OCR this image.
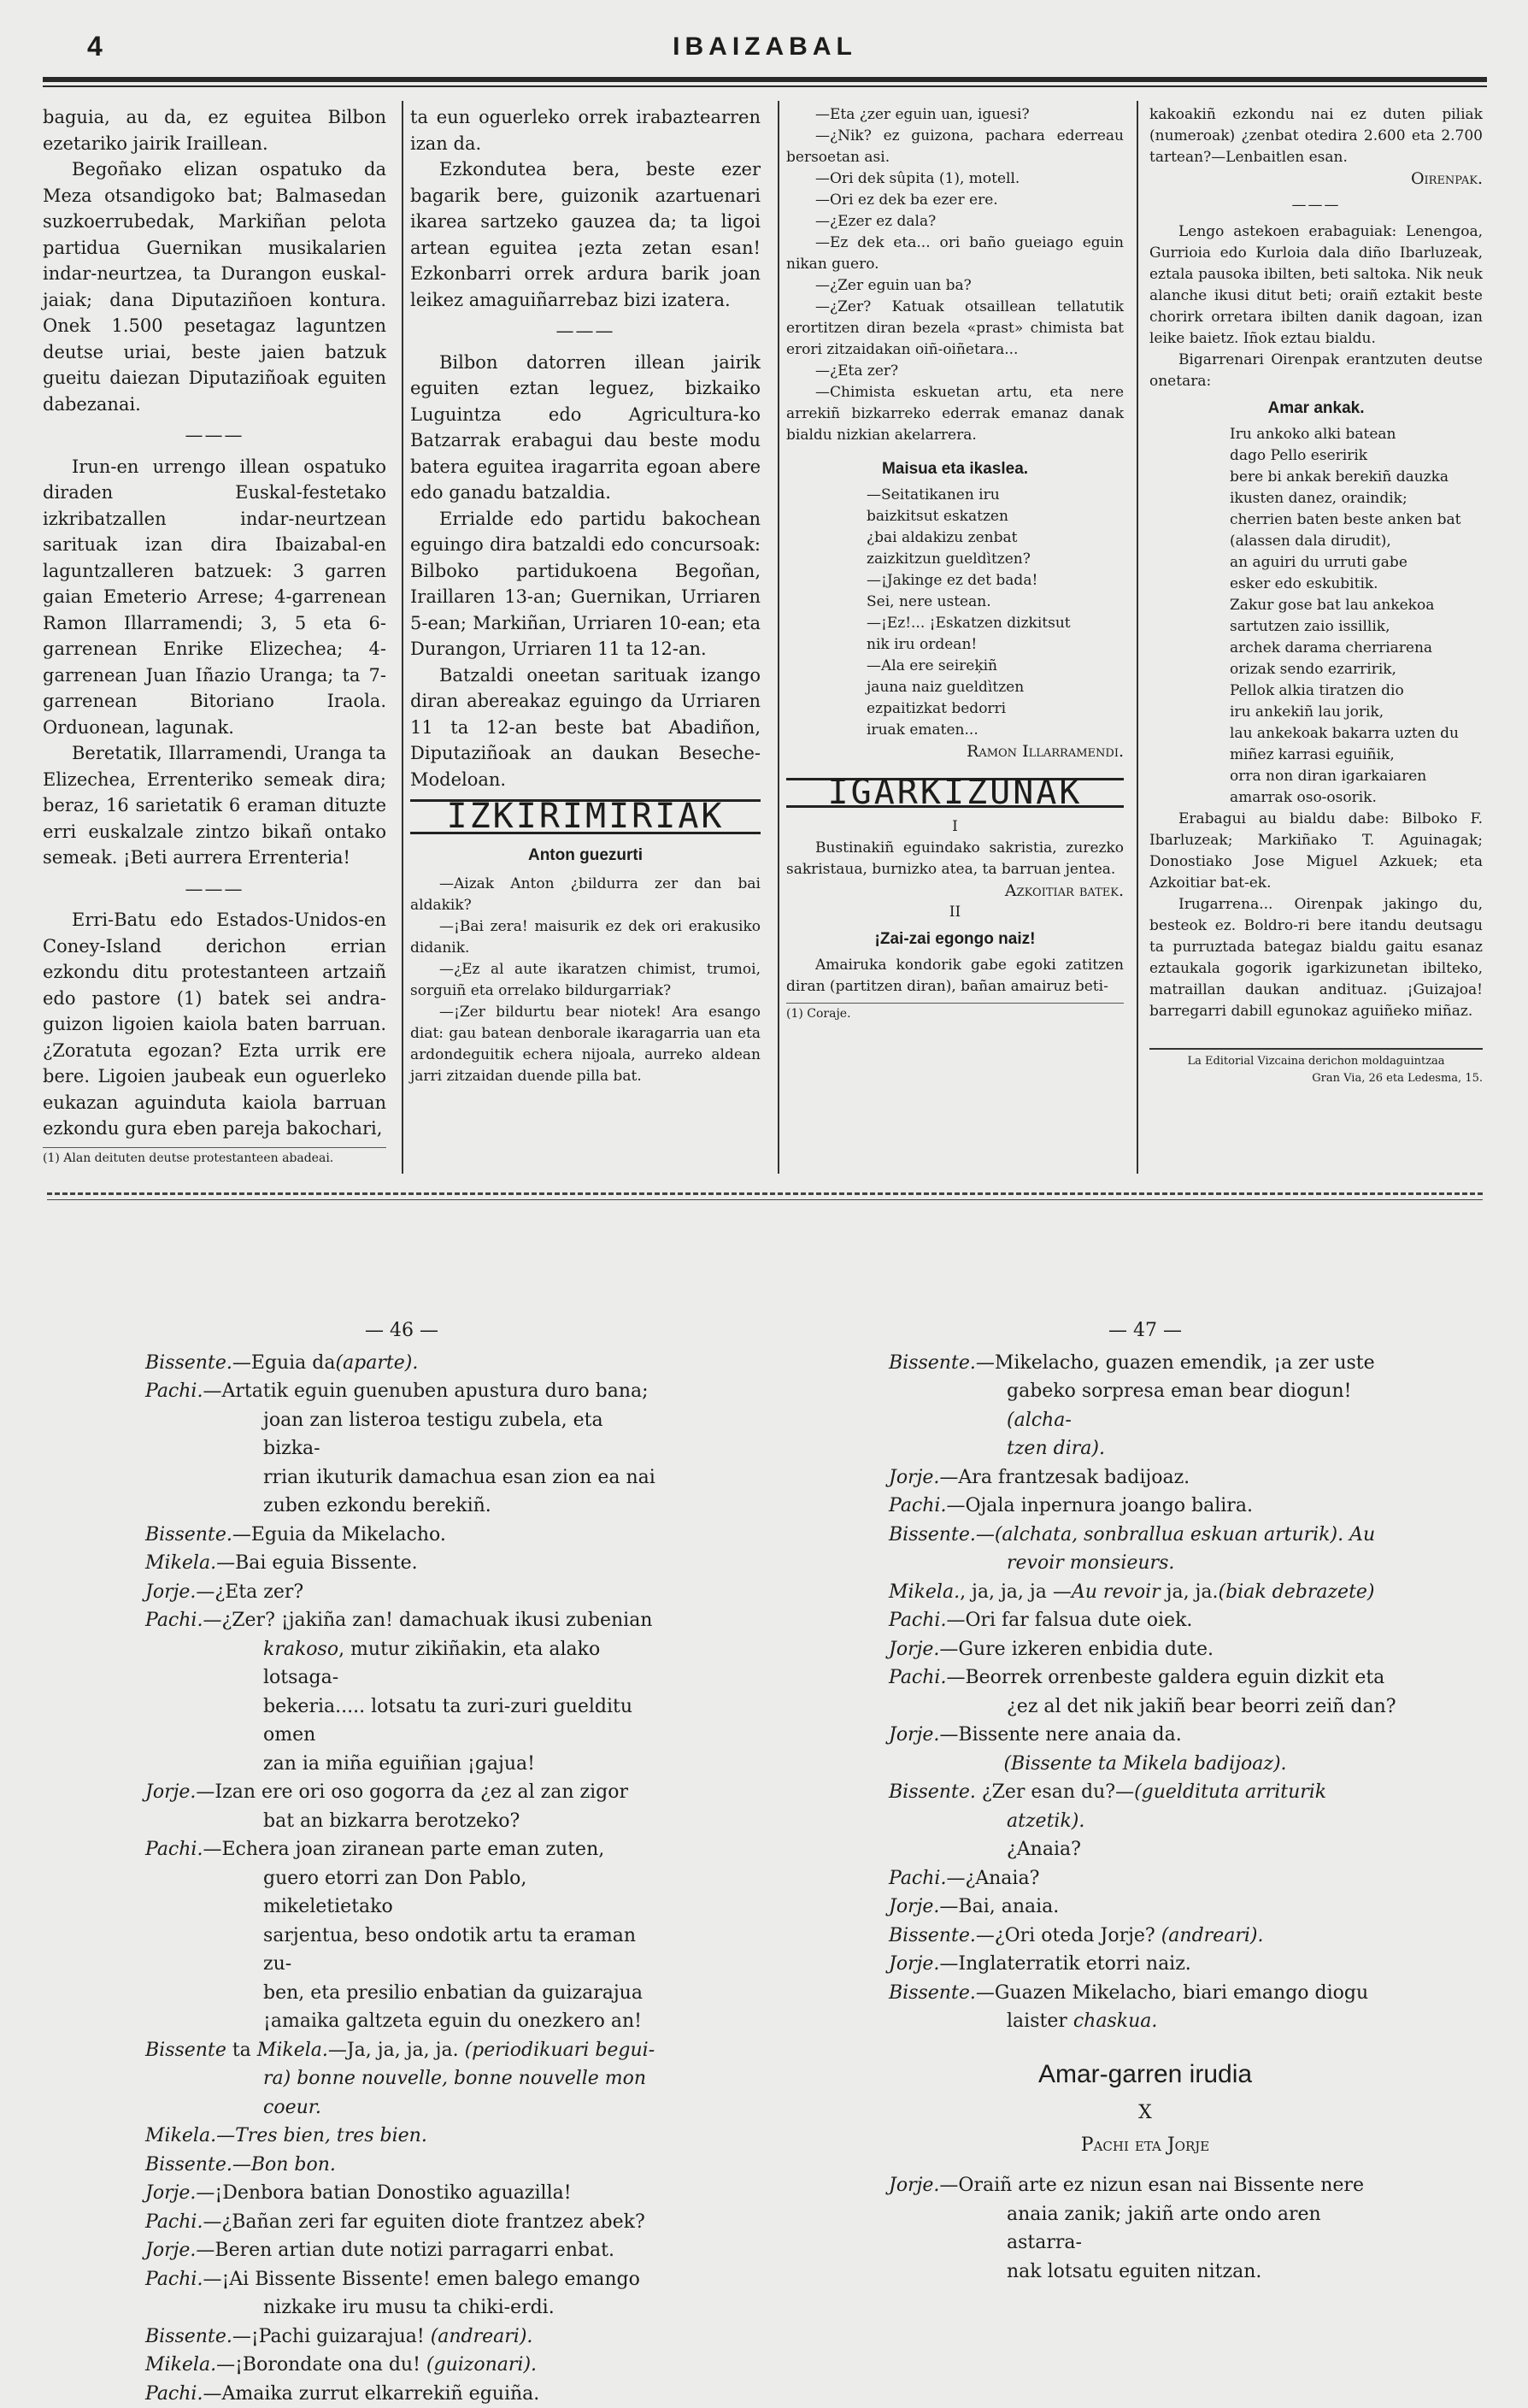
4	IBAIZABAL

baguia, au da, ez eguitea Bilbon ezetariko jairik Iraillean.

Begoñako elizan ospatuko da Meza otsandigoko bat; Balmasedan suzkoerrubedak, Markiñan pelota partidua Guernikan musikalarien indar-neurtzea, ta Durangon euskal-jaiak; dana Diputaziñoen kontura. Onek 1.500 pesetagaz laguntzen deutse uriai, beste jaien batzuk gueitu daiezan Diputaziñoak eguiten dabezanai.

———

Irun-en urrengo illean ospatuko diraden Euskal-festetako izkribatzallen indar-neurtzean sarituak izan dira Ibaizabal-en laguntzalleren batzuek: 3 garren gaian Emeterio Arrese; 4-garrenean Ramon Illarramendi; 3, 5 eta 6-garrenean Enrike Elizechea; 4-garrenean Juan Iñazio Uranga; ta 7-garrenean Bitoriano Iraola. Orduonean, lagunak.

Beretatik, Illarramendi, Uranga ta Elizechea, Errenteriko semeak dira; beraz, 16 sarietatik 6 eraman dituzte erri euskalzale zintzo bikañ ontako semeak. ¡Beti aurrera Errenteria!

———

Erri-Batu edo Estados-Unidos-en Coney-Island derichon errian ezkondu ditu protestanteen artzaiñ edo pastore (1) batek sei andra-guizon ligoien kaiola baten barruan. ¿Zoratuta egozan? Ezta urrik ere bere. Ligoien jaubeak eun oguerleko eukazan aguinduta kaiola barruan ezkondu gura eben pareja bakochari,

(1) Alan deituten deutse protestanteen abadeai.

ta eun oguerleko orrek irabaztearren izan da.

Ezkondutea bera, beste ezer bagarik bere, guizonik azartuenari ikarea sartzeko gauzea da; ta ligoi artean eguitea ¡ezta zetan esan! Ezkonbarri orrek ardura barik joan leikez amaguiñarrebaz bizi izatera.

———

Bilbon datorren illean jairik eguiten eztan leguez, bizkaiko Luguintza edo Agricultura-ko Batzarrak erabagui dau beste modu batera eguitea iragarrita egoan abere edo ganadu batzaldia.

Errialde edo partidu bakochean eguingo dira batzaldi edo concursoak: Bilboko partidukoena Begoñan, Iraillaren 13-an; Guernikan, Urriaren 5-ean; Markiñan, Urriaren 10-ean; eta Durangon, Urriaren 11 ta 12-an.

Batzaldi oneetan sarituak izango diran abereakaz eguingo da Urriaren 11 ta 12-an beste bat Abadiñon, Diputaziñoak an daukan Beseche-Modeloan.

IZKIRIMIRIAK
Anton guezurti

—Aizak Anton ¿bildurra zer dan bai aldakik?

—¡Bai zera! maisurik ez dek ori erakusiko didanik.

—¿Ez al aute ikaratzen chimist, trumoi, sorguiñ eta orrelako bildurgarriak?

—¡Zer bildurtu bear niotek! Ara esango diat: gau batean denborale ikaragarria uan eta ardondeguitik echera nijoala, aurreko aldean jarri zitzaidan duende pilla bat.

—Eta ¿zer eguin uan, iguesi?

—¿Nik? ez guizona, pachara ederreau bersoetan asi.

—Ori dek sûpita (1), motell.

—Ori ez dek ba ezer ere.

—¿Ezer ez dala?

—Ez dek eta... ori baño gueiago eguin nikan guero.

—¿Zer eguin uan ba?

—¿Zer? Katuak otsaillean tellatutik erortitzen diran bezela «prast» chimista bat erori zitzaidakan oiñ-oiñetara...

—¿Eta zer?

—Chimista eskuetan artu, eta nere arrekiñ bizkarreko ederrak emanaz danak bialdu nizkian akelarrera.

Maisua eta ikaslea.

—Seitatikanen iru

baizkitsut eskatzen

¿bai aldakizu zenbat

zaizkitzun gueldìtzen?

—¡Jakinge ez det bada!

Sei, nere ustean.

—¡Ez!... ¡Eskatzen dizkitsut

nik iru ordean!

—Ala ere seireķiñ

jauna naiz gueldìtzen

ezpaitizkat bedorri

iruak ematen...

Ramon Illarramendi.
IGARKIZUNAK

I

Bustinakiñ eguindako sakristia, zurezko sakristaua, burnizko atea, ta barruan jentea.

Azkoitiar batek.

II

¡Zai-zai egongo naiz!

Amairuka kondorik gabe egoki zatitzen diran (partitzen diran), bañan amairuz beti-

(1) Coraje.

kakoakiñ ezkondu nai ez duten piliak (numeroak) ¿zenbat otedira 2.600 eta 2.700 tartean?—Lenbaitlen esan.

Oirenpak.
———

Lengo astekoen erabaguiak: Lenengoa, Gurrioia edo Kurloia dala diño Ibarluzeak, eztala pausoka ibilten, beti saltoka. Nik neuk alanche ikusi ditut beti; oraiñ eztakit beste chorirk orretara ibilten danik dagoan, izan leike baietz. Iñok eztau bialdu.

Bigarrenari Oirenpak erantzuten deutse onetara:

Amar ankak.

Iru ankoko alki batean

dago Pello eseririk

bere bi ankak berekiñ dauzka

ikusten danez, oraindik;

cherrien baten beste anken bat

(alassen dala dirudit),

an aguiri du urruti gabe

esker edo eskubitik.

Zakur gose bat lau ankekoa

sartutzen zaio issillik,

archek darama cherriarena

orizak sendo ezarririk,

Pellok alkia tiratzen dio

iru ankekiñ lau jorik,

lau ankekoak bakarra uzten du

miñez karrasi eguiñik,

orra non diran igarkaiaren

amarrak oso-osorik.

Erabagui au bialdu dabe: Bilboko F. Ibarluzeak; Markiñako T. Aguinagak; Donostiako Jose Miguel Azkuek; eta Azkoitiar bat-ek.

Irugarrena... Oirenpak jakingo du, besteok ez. Boldro-ri bere itandu deutsagu ta purruztada bategaz bialdu gaitu esanaz eztaukala gogorik igarkizunetan ibilteko, matraillan daukan andituaz. ¡Guizajoa! barregarri dabill egunokaz aguiñeko miñaz.

La Editorial Vizcaina derichon moldaguintzaa
Gran Via, 26 eta Ledesma, 15.
— 46 —

Bissente.—Eguia da(aparte).

Pachi.—Artatik eguin guenuben apustura duro bana;

joan zan listeroa testigu zubela, eta bizka-

rrian ikuturik damachua esan zion ea nai

zuben ezkondu berekiñ.

Bissente.—Eguia da Mikelacho.

Mikela.—Bai eguia Bissente.

Jorje.—¿Eta zer?

Pachi.—¿Zer? ¡jakiña zan! damachuak ikusi zubenian

krakoso, mutur zikiñakin, eta alako lotsaga-

bekeria..... lotsatu ta zuri-zuri guelditu omen

zan ia miña eguiñian ¡gajua!

Jorje.—Izan ere ori oso gogorra da ¿ez al zan zigor

bat an bizkarra berotzeko?

Pachi.—Echera joan ziranean parte eman zuten,

guero etorri zan Don Pablo, mikeletietako

sarjentua, beso ondotik artu ta eraman zu-

ben, eta presilio enbatian da guizarajua

¡amaika galtzeta eguin du onezkero an!

Bissente ta Mikela.—Ja, ja, ja, ja. (periodikuari begui-

ra) bonne nouvelle, bonne nouvelle mon coeur.

Mikela.—Tres bien, tres bien.

Bissente.—Bon bon.

Jorje.—¡Denbora batian Donostiko aguazilla!

Pachi.—¿Bañan zeri far eguiten diote frantzez abek?

Jorje.—Beren artian dute notizi parragarri enbat.

Pachi.—¡Ai Bissente Bissente! emen balego emango

nizkake iru musu ta chiki-erdi.

Bissente.—¡Pachi guizarajua! (andreari).

Mikela.—¡Borondate ona du! (guizonari).

Pachi.—Amaika zurrut elkarrekiñ eguiña.

— 47 —

Bissente.—Mikelacho, guazen emendik, ¡a zer uste

gabeko sorpresa eman bear diogun! (alcha-

tzen dira).

Jorje.—Ara frantzesak badijoaz.

Pachi.—Ojala inpernura joango balira.

Bissente.—(alchata, sonbrallua eskuan arturik). Au

revoir monsieurs.

Mikela., ja, ja, ja —Au revoir ja, ja.(biak debrazete)

Pachi.—Ori far falsua dute oiek.

Jorje.—Gure izkeren enbidia dute.

Pachi.—Beorrek orrenbeste galdera eguin dizkit eta

¿ez al det nik jakiñ bear beorri zeiñ dan?

Jorje.—Bissente nere anaia da.

(Bissente ta Mikela badijoaz).

Bissente. ¿Zer esan du?—(gueldituta arriturik atzetik).

¿Anaia?

Pachi.—¿Anaia?

Jorje.—Bai, anaia.

Bissente.—¿Ori oteda Jorje? (andreari).

Jorje.—Inglaterratik etorri naiz.

Bissente.—Guazen Mikelacho, biari emango diogu

laister chaskua.

Amar-garren irudia
X
Pachi eta Jorje

Jorje.—Oraiñ arte ez nizun esan nai Bissente nere

anaia zanik; jakiñ arte ondo aren astarra-

nak lotsatu eguiten nitzan.
